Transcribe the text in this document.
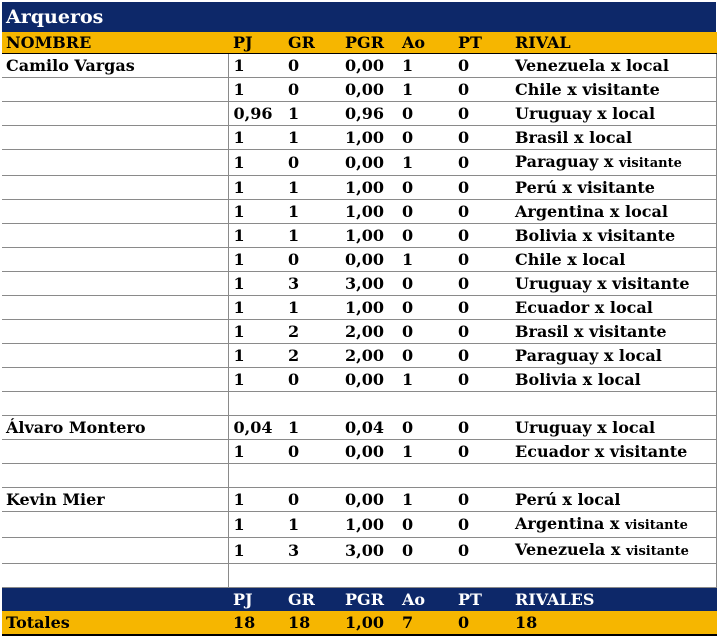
Arqueros
NOMBRE	PJ	GR	PGR	Ao	PT	RIVAL
Camilo Vargas	1	0	0,00	1	0	Venezuela x local
	1	0	0,00	1	0	Chile x visitante
	0,96	1	0,96	0	0	Uruguay x local
	1	1	1,00	0	0	Brasil x local
	1	0	0,00	1	0	Paraguay x visitante
	1	1	1,00	0	0	Perú x visitante
	1	1	1,00	0	0	Argentina x local
	1	1	1,00	0	0	Bolivia x visitante
	1	0	0,00	1	0	Chile x local
	1	3	3,00	0	0	Uruguay x visitante
	1	1	1,00	0	0	Ecuador x local
	1	2	2,00	0	0	Brasil x visitante
	1	2	2,00	0	0	Paraguay x local
	1	0	0,00	1	0	Bolivia x local

Álvaro Montero	0,04	1	0,04	0	0	Uruguay x local
	1	0	0,00	1	0	Ecuador x visitante

Kevin Mier	1	0	0,00	1	0	Perú x local
	1	1	1,00	0	0	Argentina x visitante
	1	3	3,00	0	0	Venezuela x visitante

	PJ	GR	PGR	Ao	PT	RIVALES
Totales	18	18	1,00	7	0	18
